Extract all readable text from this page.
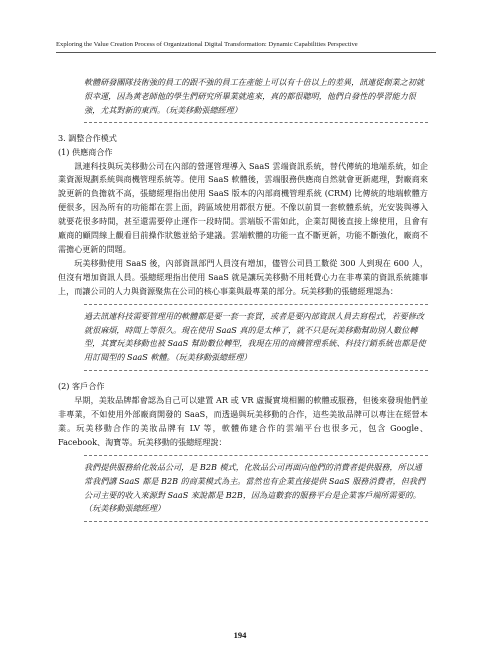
Exploring the Value Creation Process of Organizational Digital Transformation: Dynamic Capabilities Perspective

軟體研發團隊技術強的員工的跟不強的員工在產能上可以有十倍以上的差異，訊連從創業之初就很幸運，因為黃老師他的學生們研究所畢業就進來，真的都很聰明，他們自發性的學習能力很強，尤其對新的東西。（玩美移動張總經理）

3. 調整合作模式

(1) 供應商合作

訊連科技與玩美移動公司在內部的營運管理導入 SaaS 雲端資訊系統，替代傳統的地端系統，如企業資源規劃系統與商機管理系統等。使用 SaaS 軟體後，雲端服務供應商自然就會更新處理，對廠商來說更新的負擔就不高，張總經理指出使用 SaaS 版本的內部商機管理系統 (CRM) 比傳統的地端軟體方便很多，因為所有的功能都在雲上面，跨區域使用都很方便。不像以前買一套軟體系統，光安裝與導入就要花很多時間，甚至還需要停止運作一段時間。雲端版不需如此，企業訂閱後直接上線使用，且會有廠商的顧問線上觀看目前操作狀態並給予建議。雲端軟體的功能一直不斷更新，功能不斷強化，廠商不需擔心更新的問題。

玩美移動使用 SaaS 後，內部資訊部門人員沒有增加，儘管公司員工數從 300 人到現在 600 人，但沒有增加資訊人員。張總經理指出使用 SaaS 就是讓玩美移動不用耗費心力在非專業的資訊系統雜事上，而讓公司的人力與資源聚焦在公司的核心事業與最專業的部分。玩美移動的張總經理認為：

過去訊連科技需要管理用的軟體都是要一套一套買，或者是要內部資訊人員去寫程式，若要修改就很麻煩，時間上等很久。現在使用 SaaS 真的是太棒了，就不只是玩美移動幫助別人數位轉型，其實玩美移動也被 SaaS 幫助數位轉型，我現在用的商機管理系統、科技行銷系統也都是使用訂閱型的 SaaS 軟體。（玩美移動張總經理）

(2) 客戶合作

早期，美妝品牌都會認為自己可以建置 AR 或 VR 虛擬實境相關的軟體或服務，但後來發現他們並非專業，不如使用外部廠商開發的 SaaS，而透過與玩美移動的合作，這些美妝品牌可以專注在經營本業。玩美移動合作的美妝品牌有 LV 等，軟體佈建合作的雲端平台也很多元，包含 Google、Facebook、淘寶等。玩美移動的張總經理說：

我們提供服務給化妝品公司，是 B2B 模式，化妝品公司再面向他們的消費者提供服務，所以通常我們講 SaaS 都是 B2B 的商業模式為主。當然也有企業直接提供 SaaS 服務消費者，但我們公司主要的收入來源對 SaaS 來說都是 B2B，因為這數套的服務平台是企業客戶端所需要的。（玩美移動張總經理）

194
